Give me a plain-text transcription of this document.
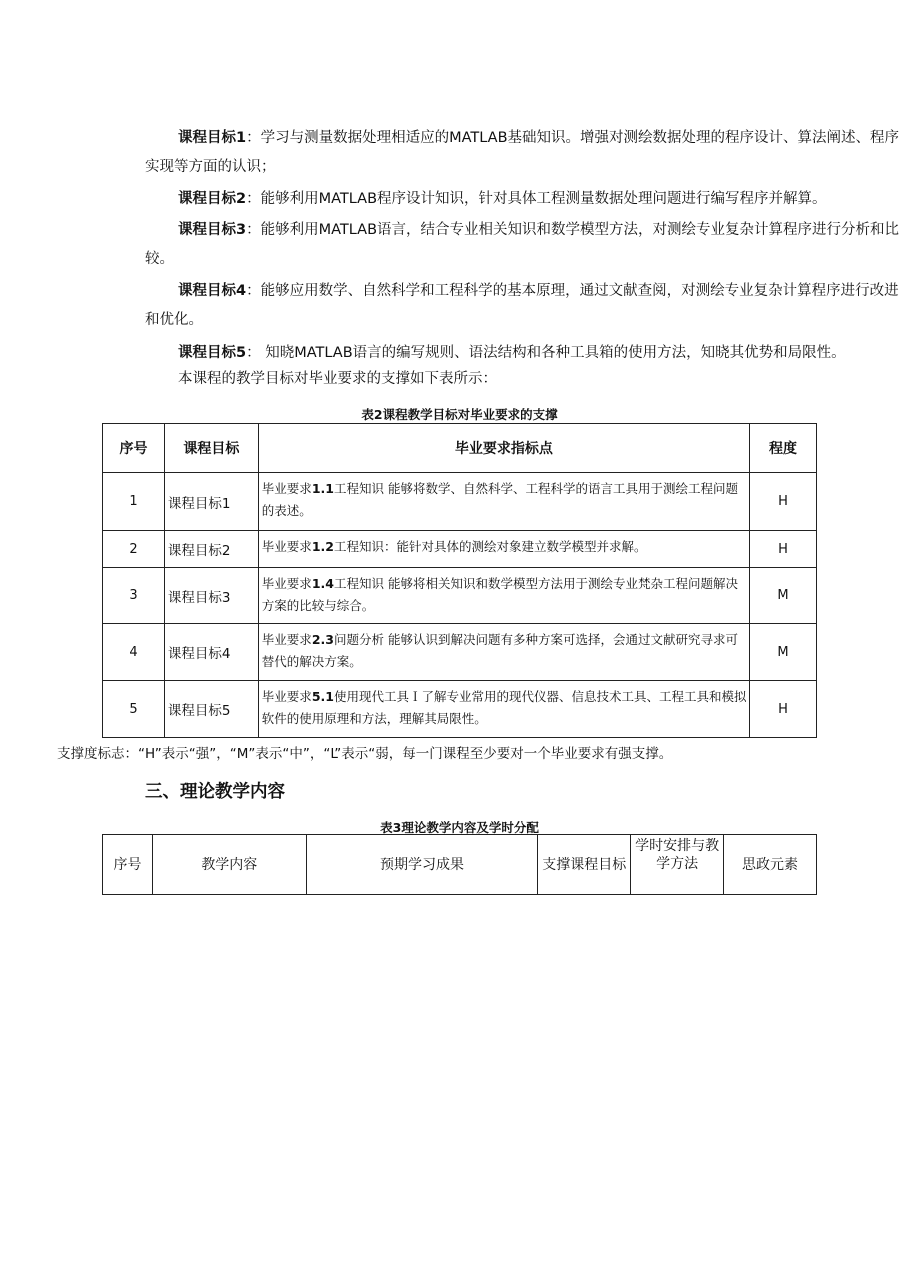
课程目标1：学习与测量数据处理相适应的MATLAB基础知识。增强对测绘数据处理的程序设计、算法阐述、程序实现等方面的认识；
课程目标2：能够利用MATLAB程序设计知识，针对具体工程测量数据处理问题进行编写程序并解算。
课程目标3：能够利用MATLAB语言，结合专业相关知识和数学模型方法，对测绘专业复杂计算程序进行分析和比较。
课程目标4：能够应用数学、自然科学和工程科学的基本原理，通过文献查阅，对测绘专业复杂计算程序进行改进和优化。
课程目标5： 知晓MATLAB语言的编写规则、语法结构和各种工具箱的使用方法，知晓其优势和局限性。
本课程的教学目标对毕业要求的支撑如下表所示：
表2课程教学目标对毕业要求的支撑
序号	课程目标	毕业要求指标点	程度
1	课程目标1	毕业要求1.1工程知识 能够将数学、自然科学、工程科学的语言工具用于测绘工程问题的表述。	H
2	课程目标2	毕业要求1.2工程知识：能针对具体的测绘对象建立数学模型并求解。	H
3	课程目标3	毕业要求1.4工程知识 能够将相关知识和数学模型方法用于测绘专业梵杂工程问题解决方案的比较与综合。	M
4	课程目标4	毕业要求2.3问题分析 能够认识到解决问题有多种方案可选择，会通过文献研究寻求可替代的解决方案。	M
5	课程目标5	毕业要求5.1使用现代工具Ｉ了解专业常用的现代仪器、信息技术工具、工程工具和模拟软件的使用原理和方法，理解其局限性。	H
支撑度标志：“H”表示“强”，“M”表示“中”，“L”表示“弱，每一门课程至少要对一个毕业要求有强支撑。
三、理论教学内容
表3理论教学内容及学时分配
序号	教学内容	预期学习成果	支撑课程目标	学时安排与教学方法	思政元素
